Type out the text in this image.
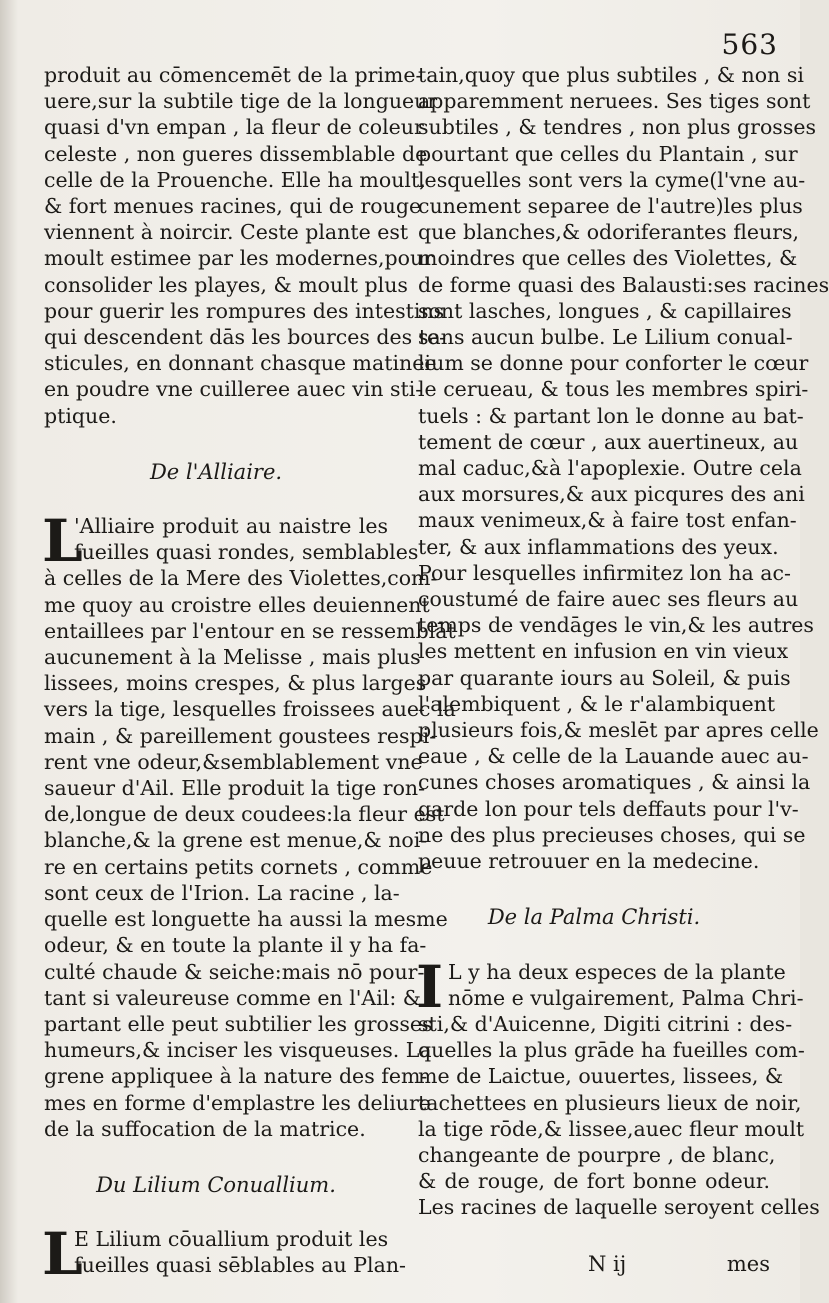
563
produit au cōmencemēt de la prime-
uere,sur la subtile tige de la longueur
quasi d'vn empan , la fleur de coleur
celeste , non gueres dissemblable de
celle de la Prouenche. Elle ha moult,
& fort menues racines, qui de rouge
viennent à noircir. Ceste plante est
moult estimee par les modernes,pour
consolider les playes, & moult plus
pour guerir les rompures des intestins
qui descendent dās les bources des te-
sticules, en donnant chasque matinee
en poudre vne cuilleree auec vin sti-
ptique.
De l'Alliaire.
L
'Alliaire produit au naistre les
fueilles quasi rondes, semblables
à celles de la Mere des Violettes,com-
me quoy au croistre elles deuiennent
entaillees par l'entour en se ressemblāt
aucunement à la Melisse , mais plus
lissees, moins crespes, & plus larges
vers la tige, lesquelles froissees auec la
main , & pareillement goustees respi-
rent vne odeur,&semblablement vne
saueur d'Ail. Elle produit la tige ron-
de,longue de deux coudees:la fleur est
blanche,& la grene est menue,& noi-
re en certains petits cornets , comme
sont ceux de l'Irion. La racine , la-
quelle est longuette ha aussi la mesme
odeur, & en toute la plante il y ha fa-
culté chaude & seiche:mais nō pour-
tant si valeureuse comme en l'Ail: &
partant elle peut subtilier les grosses
humeurs,& inciser les visqueuses. La
grene appliquee à la nature des fem-
mes en forme d'emplastre les deliure
de la suffocation de la matrice.
Du Lilium Conuallium.
L
E Lilium cōuallium produit les
fueilles quasi sēblables au Plan-
tain,quoy que plus subtiles , & non si
apparemment neruees. Ses tiges sont
subtiles , & tendres , non plus grosses
pourtant que celles du Plantain , sur
lesquelles sont vers la cyme(l'vne au-
cunement separee de l'autre)les plus
que blanches,& odoriferantes fleurs,
moindres que celles des Violettes, &
de forme quasi des Balausti:ses racines
sont lasches, longues , & capillaires
sans aucun bulbe. Le Lilium conual-
lium se donne pour conforter le cœur
le cerueau, & tous les membres spiri-
tuels : & partant lon le donne au bat-
tement de cœur , aux auertineux, au
mal caduc,&à l'apoplexie. Outre cela
aux morsures,& aux picqures des ani
maux venimeux,& à faire tost enfan-
ter, & aux inflammations des yeux.
Pour lesquelles infirmitez lon ha ac-
coustumé de faire auec ses fleurs au
temps de vendāges le vin,& les autres
les mettent en infusion en vin vieux
par quarante iours au Soleil, & puis
l'alembiquent , & le r'alambiquent
plusieurs fois,& meslēt par apres celle
eaue , & celle de la Lauande auec au-
cunes choses aromatiques , & ainsi la
garde lon pour tels deffauts pour l'v-
ne des plus precieuses choses, qui se
peuue retrouuer en la medecine.
De la Palma Christi.
I L y ha deux especes de la plante
nōme e vulgairement, Palma Chri-
sti,& d'Auicenne, Digiti citrini : des-
quelles la plus grāde ha fueilles com-
me de Laictue, ouuertes, lissees, &
tachettees en plusieurs lieux de noir,
la tige rōde,& lissee,auec fleur moult
changeante de pourpre , de blanc,
& de rouge, de fort bonne odeur.
Les racines de laquelle seroyent celles
N ij	mes
